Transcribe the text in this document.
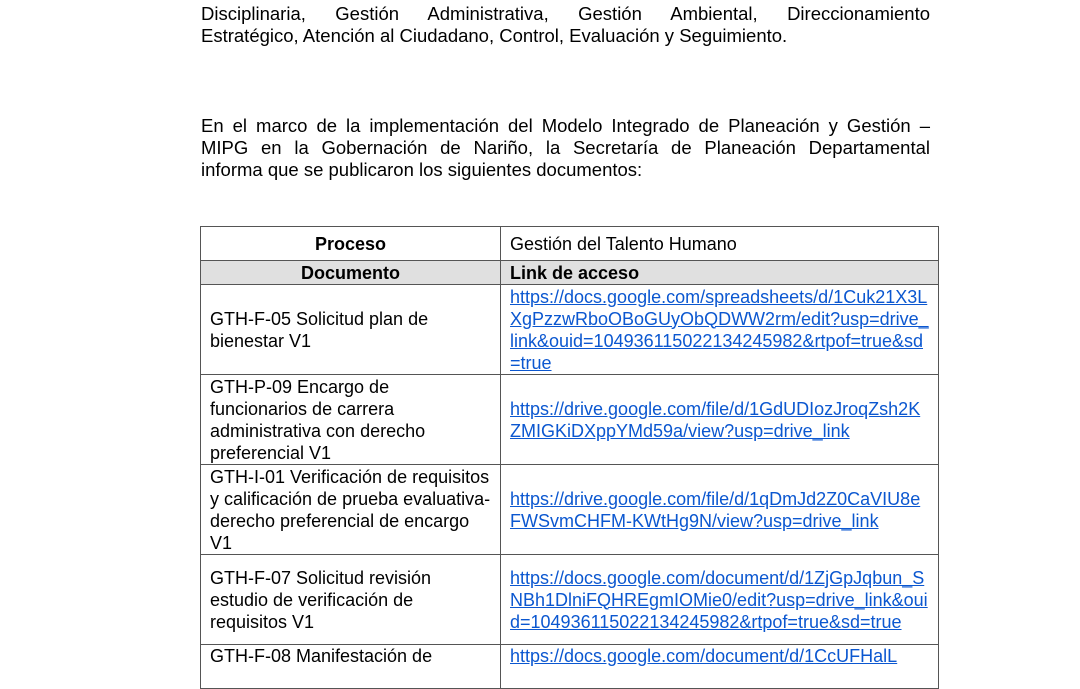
Disciplinaria, Gestión Administrativa, Gestión Ambiental, Direccionamiento
Estratégico, Atención al Ciudadano, Control, Evaluación y Seguimiento.

En el marco de la implementación del Modelo Integrado de Planeación y Gestión –
MIPG en la Gobernación de Nariño, la Secretaría de Planeación Departamental
informa que se publicaron los siguientes documentos:

Proceso	Gestión del Talento Humano
Documento	Link de acceso
GTH-F-05 Solicitud plan de bienestar V1	https://docs.google.com/spreadsheets/d/1Cuk21X3LXgPzzwRboOBoGUyObQDWW2rm/edit?usp=drive_link&ouid=104936115022134245982&rtpof=true&sd=true

GTH-P-09 Encargo de funcionarios de carrera administrativa con derecho preferencial V1	https://drive.google.com/file/d/1GdUDIozJroqZsh2KZMIGKiDXppYMd59a/view?usp=drive_link

GTH-I-01 Verificación de requisitos y calificación de prueba evaluativa- derecho preferencial de encargo V1	https://drive.google.com/file/d/1qDmJd2Z0CaVIU8eFWSvmCHFM-KWtHg9N/view?usp=drive_link

GTH-F-07 Solicitud revisión estudio de verificación de requisitos V1	https://docs.google.com/document/d/1ZjGpJqbun_SNBh1DlniFQHREgmIOMie0/edit?usp=drive_link&ouid=104936115022134245982&rtpof=true&sd=true

GTH-F-08 Manifestación de	https://docs.google.com/document/d/1CcUFHalL
